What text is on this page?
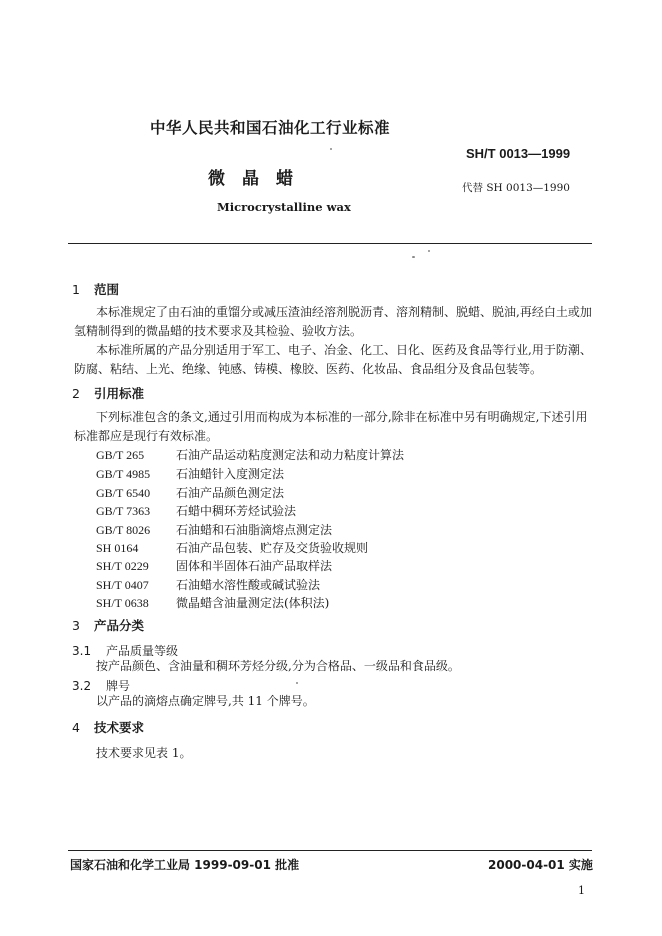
中华人民共和国石油化工行业标准
SH/T 0013—1999
微晶蜡	代替 SH 0013—1990
Microcrystalline wax
1 范围
本标准规定了由石油的重馏分或减压渣油经溶剂脱沥青、溶剂精制、脱蜡、脱油,再经白土或加氢精制得到的微晶蜡的技术要求及其检验、验收方法。
本标准所属的产品分别适用于军工、电子、冶金、化工、日化、医药及食品等行业,用于防潮、防腐、粘结、上光、绝缘、钝感、铸模、橡胶、医药、化妆品、食品组分及食品包装等。
2 引用标准
下列标准包含的条文,通过引用而构成为本标准的一部分,除非在标准中另有明确规定,下述引用标准都应是现行有效标准。
GB/T 265	石油产品运动粘度测定法和动力粘度计算法
GB/T 4985 石油蜡针入度测定法
GB/T 6540 石油产品颜色测定法
GB/T 7363 石蜡中稠环芳烃试验法
GB/T 8026 石油蜡和石油脂滴熔点测定法
SH 0164	石油产品包装、贮存及交货验收规则
SH/T 0229 固体和半固体石油产品取样法
SH/T 0407 石油蜡水溶性酸或碱试验法
SH/T 0638 微晶蜡含油量测定法(体积法)
3 产品分类
3.1 产品质量等级
按产品颜色、含油量和稠环芳烃分级,分为合格品、一级品和食品级。
3.2 牌号
以产品的滴熔点确定牌号,共 11 个牌号。
4 技术要求
技术要求见表 1。
国家石油和化学工业局 1999-09-01 批准	2000-04-01 实施
1
